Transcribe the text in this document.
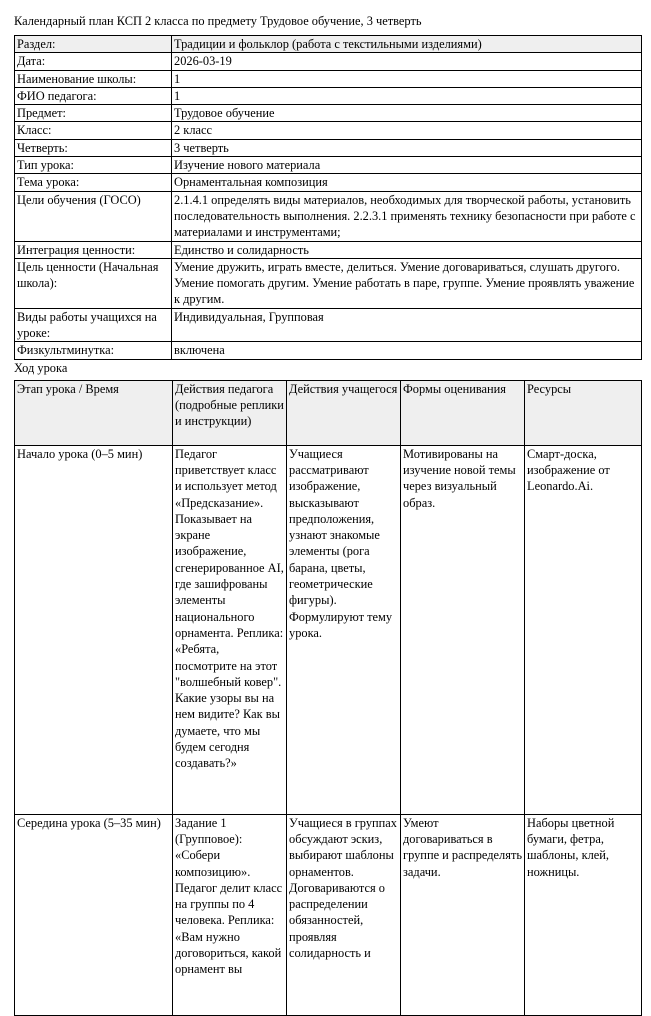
Календарный план КСП 2 класса по предмету Трудовое обучение, 3 четверть
Раздел:	Традиции и фольклор (работа с текстильными изделиями)
Дата:	2026-03-19
Наименование школы:	1
ФИО педагога:	1
Предмет:	Трудовое обучение
Класс:	2 класс
Четверть:	3 четверть
Тип урока:	Изучение нового материала
Тема урока:	Орнаментальная композиция
Цели обучения (ГОСО)	2.1.4.1 определять виды материалов, необходимых для творческой работы, установить последовательность выполнения. 2.2.3.1 применять технику безопасности при работе с материалами и инструментами;
Интеграция ценности:	Единство и солидарность
Цель ценности (Начальная школа):	Умение дружить, играть вместе, делиться. Умение договариваться, слушать другого. Умение помогать другим. Умение работать в паре, группе. Умение проявлять уважение к другим.
Виды работы учащихся на уроке:	Индивидуальная, Групповая
Физкультминутка:	включена
Ход урока
Этап урока / Время	Действия педагога (подробные реплики и инструкции)	Действия учащегося	Формы оценивания	Ресурсы
Начало урока (0–5 мин)	Педагог приветствует класс и использует метод «Предсказание». Показывает на экране изображение, сгенерированное AI, где зашифрованы элементы национального орнамента. Реплика: «Ребята, посмотрите на этот "волшебный ковер". Какие узоры вы на нем видите? Как вы думаете, что мы будем сегодня создавать?»	Учащиеся рассматривают изображение, высказывают предположения, узнают знакомые элементы (рога барана, цветы, геометрические фигуры). Формулируют тему урока.	Мотивированы на изучение новой темы через визуальный образ.	Смарт-доска, изображение от Leonardo.Ai.
Середина урока (5–35 мин)	Задание 1 (Групповое): «Собери композицию». Педагог делит класс на группы по 4 человека. Реплика: «Вам нужно договориться, какой орнамент вы	Учащиеся в группах обсуждают эскиз, выбирают шаблоны орнаментов. Договариваются о распределении обязанностей, проявляя солидарность и	Умеют договариваться в группе и распределять задачи.	Наборы цветной бумаги, фетра, шаблоны, клей, ножницы.
